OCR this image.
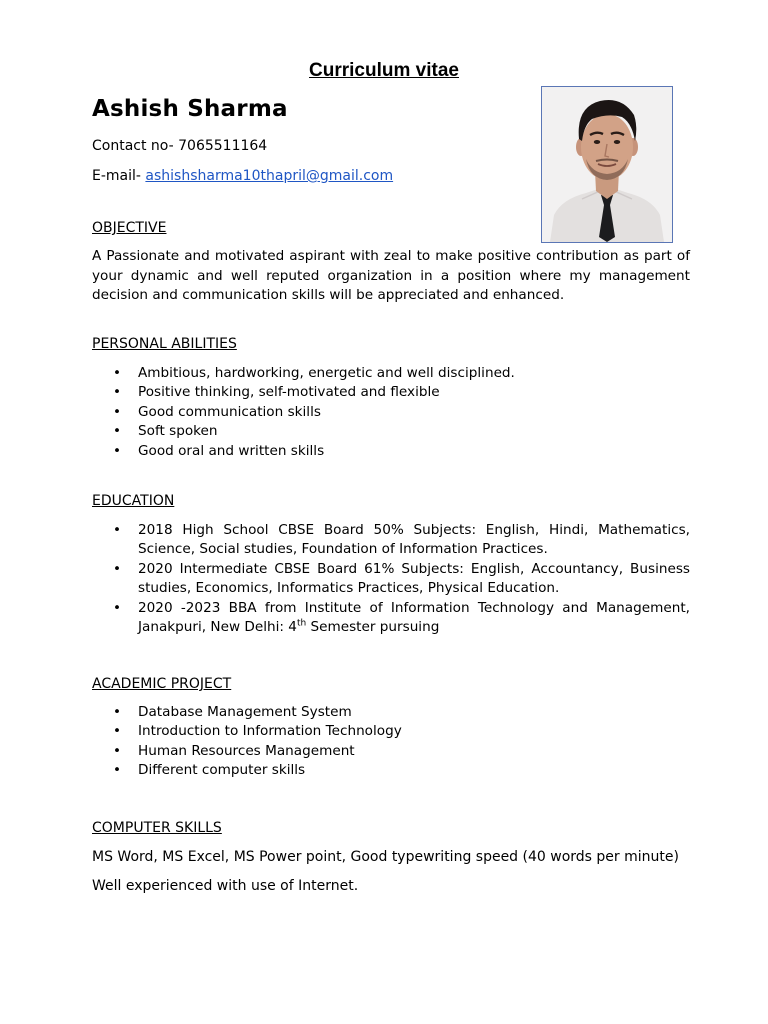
Curriculum vitae
Ashish Sharma
Contact no- 7065511164
E-mail- ashishsharma10thapril@gmail.com
OBJECTIVE
A Passionate and motivated aspirant with zeal to make positive contribution as part of your dynamic and well reputed organization in a position where my management decision and communication skills will be appreciated and enhanced.
PERSONAL ABILITIES
• Ambitious, hardworking, energetic and well disciplined.
• Positive thinking, self-motivated and flexible
• Good communication skills
• Soft spoken
• Good oral and written skills
EDUCATION
• 2018 High School CBSE Board 50% Subjects: English, Hindi, Mathematics, Science, Social studies, Foundation of Information Practices.
• 2020 Intermediate CBSE Board 61% Subjects: English, Accountancy, Business studies, Economics, Informatics Practices, Physical Education.
• 2020 -2023 BBA from Institute of Information Technology and Management, Janakpuri, New Delhi: 4th Semester pursuing
ACADEMIC PROJECT
• Database Management System
• Introduction to Information Technology
• Human Resources Management
• Different computer skills
COMPUTER SKILLS
MS Word, MS Excel, MS Power point, Good typewriting speed (40 words per minute)
Well experienced with use of Internet.
